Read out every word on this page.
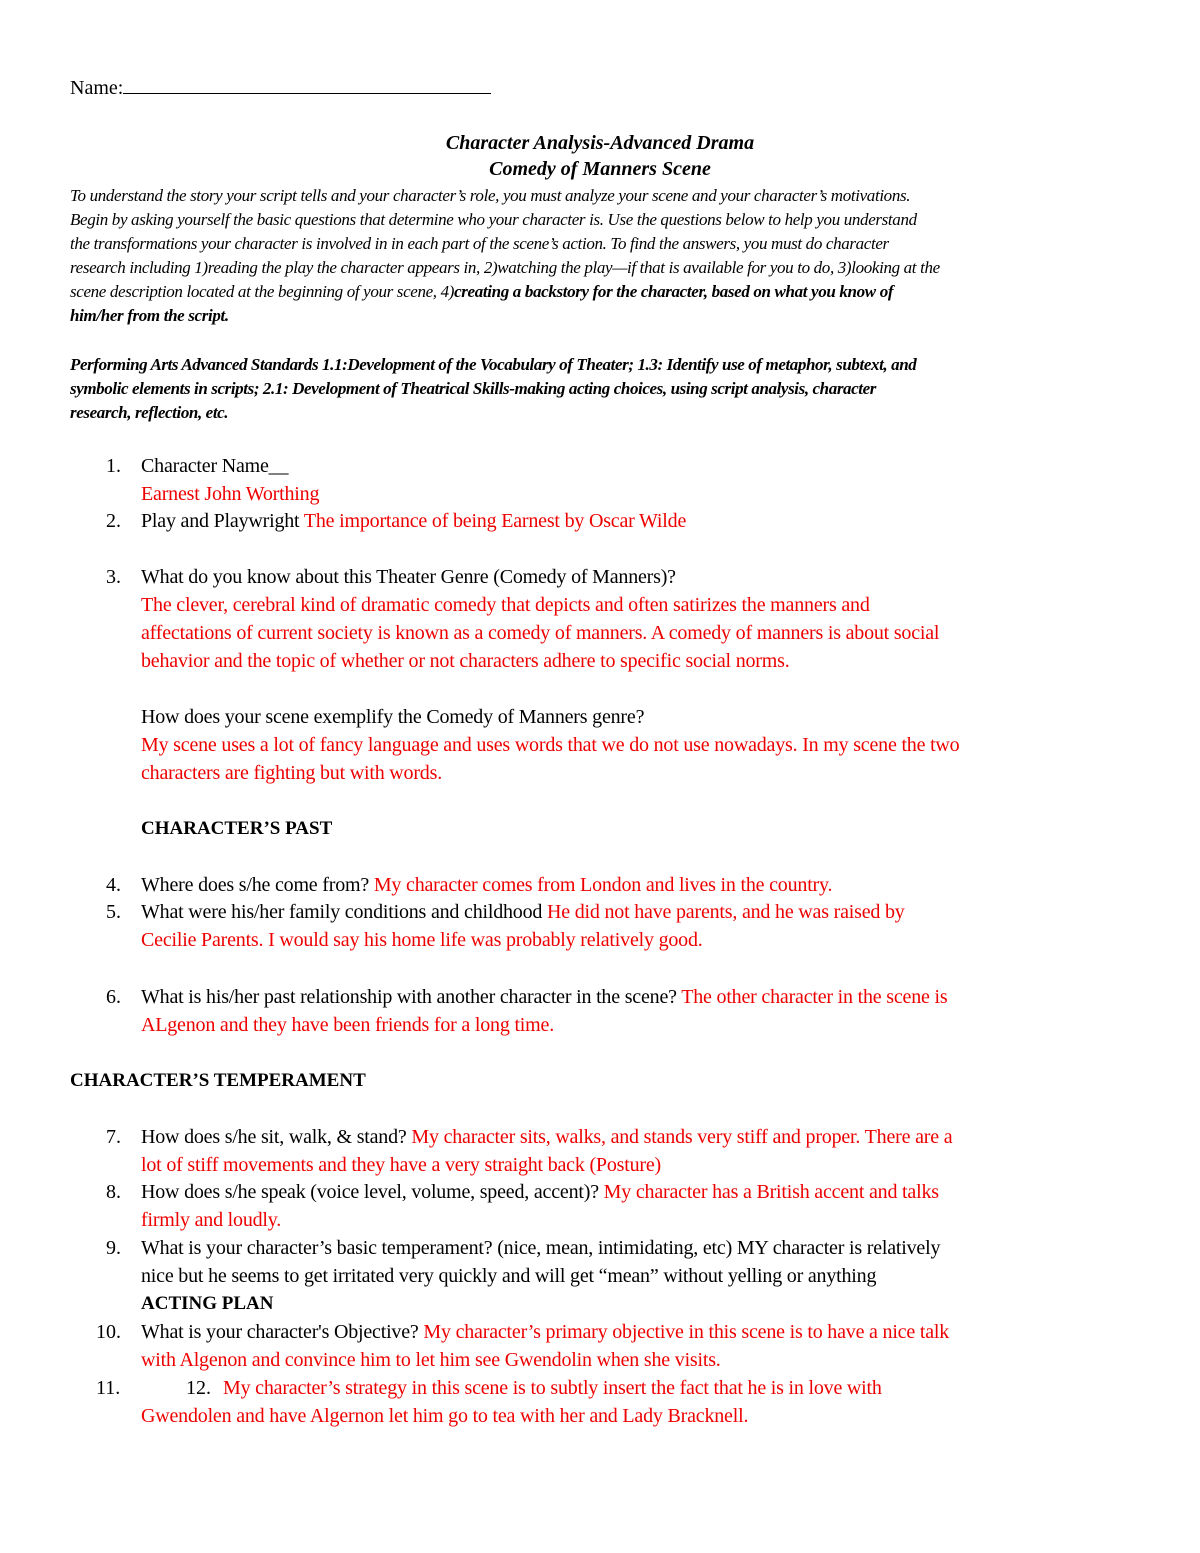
Name:
Character Analysis-Advanced Drama
Comedy of Manners Scene
To understand the story your script tells and your character’s role, you must analyze your scene and your character’s motivations.
Begin by asking yourself the basic questions that determine who your character is. Use the questions below to help you understand
the transformations your character is involved in in each part of the scene’s action. To find the answers, you must do character
research including 1)reading the play the character appears in, 2)watching the play—if that is available for you to do, 3)looking at the
scene description located at the beginning of your scene, 4)creating a backstory for the character, based on what you know of
him/her from the script.
Performing Arts Advanced Standards 1.1:Development of the Vocabulary of Theater; 1.3: Identify use of metaphor, subtext, and
symbolic elements in scripts; 2.1: Development of Theatrical Skills-making acting choices, using script analysis, character
research, reflection, etc.
1. Character Name__
Earnest John Worthing
2. Play and Playwright The importance of being Earnest by Oscar Wilde
3. What do you know about this Theater Genre (Comedy of Manners)?
The clever, cerebral kind of dramatic comedy that depicts and often satirizes the manners and
affectations of current society is known as a comedy of manners. A comedy of manners is about social
behavior and the topic of whether or not characters adhere to specific social norms.
How does your scene exemplify the Comedy of Manners genre?
My scene uses a lot of fancy language and uses words that we do not use nowadays. In my scene the two
characters are fighting but with words.
CHARACTER’S PAST
4. Where does s/he come from? My character comes from London and lives in the country.
5. What were his/her family conditions and childhood He did not have parents, and he was raised by
Cecilie Parents. I would say his home life was probably relatively good.
6. What is his/her past relationship with another character in the scene? The other character in the scene is
ALgenon and they have been friends for a long time.
CHARACTER’S TEMPERAMENT
7. How does s/he sit, walk, & stand? My character sits, walks, and stands very stiff and proper. There are a
lot of stiff movements and they have a very straight back (Posture)
8. How does s/he speak (voice level, volume, speed, accent)? My character has a British accent and talks
firmly and loudly.
9. What is your character’s basic temperament? (nice, mean, intimidating, etc) MY character is relatively
nice but he seems to get irritated very quickly and will get “mean” without yelling or anything
ACTING PLAN
10. What is your character's Objective? My character’s primary objective in this scene is to have a nice talk
with Algenon and convince him to let him see Gwendolin when she visits.
11.	12. My character’s strategy in this scene is to subtly insert the fact that he is in love with
Gwendolen and have Algernon let him go to tea with her and Lady Bracknell.
